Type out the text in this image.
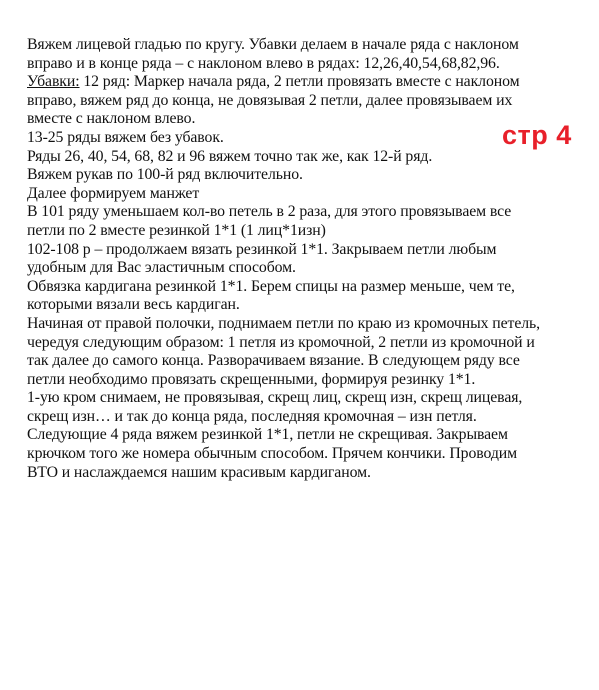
Вяжем лицевой гладью по кругу. Убавки делаем в начале ряда с наклоном
вправо и в конце ряда – с наклоном влево в рядах: 12,26,40,54,68,82,96.
Убавки: 12 ряд: Маркер начала ряда, 2 петли провязать вместе с наклоном
вправо, вяжем ряд до конца, не довязывая 2 петли, далее провязываем их
вместе с наклоном влево.
13-25 ряды вяжем без убавок.
Ряды 26, 40, 54, 68, 82 и 96 вяжем точно так же, как 12-й ряд.
Вяжем рукав по 100-й ряд включительно.
Далее формируем манжет
В 101 ряду уменьшаем кол-во петель в 2 раза, для этого провязываем все
петли по 2 вместе резинкой 1*1 (1 лиц*1изн)
102-108 р – продолжаем вязать резинкой 1*1. Закрываем петли любым
удобным для Вас эластичным способом.
Обвязка кардигана резинкой 1*1. Берем спицы на размер меньше, чем те,
которыми вязали весь кардиган.
Начиная от правой полочки, поднимаем петли по краю из кромочных петель,
чередуя следующим образом: 1 петля из кромочной, 2 петли из кромочной и
так далее до самого конца. Разворачиваем вязание. В следующем ряду все
петли необходимо провязать скрещенными, формируя резинку 1*1.
1-ую кром снимаем, не провязывая, скрещ лиц, скрещ изн, скрещ лицевая,
скрещ изн… и так до конца ряда, последняя кромочная – изн петля.
Следующие 4 ряда вяжем резинкой 1*1, петли не скрещивая. Закрываем
крючком того же номера обычным способом. Прячем кончики. Проводим
ВТО и наслаждаемся нашим красивым кардиганом.
стр 4
